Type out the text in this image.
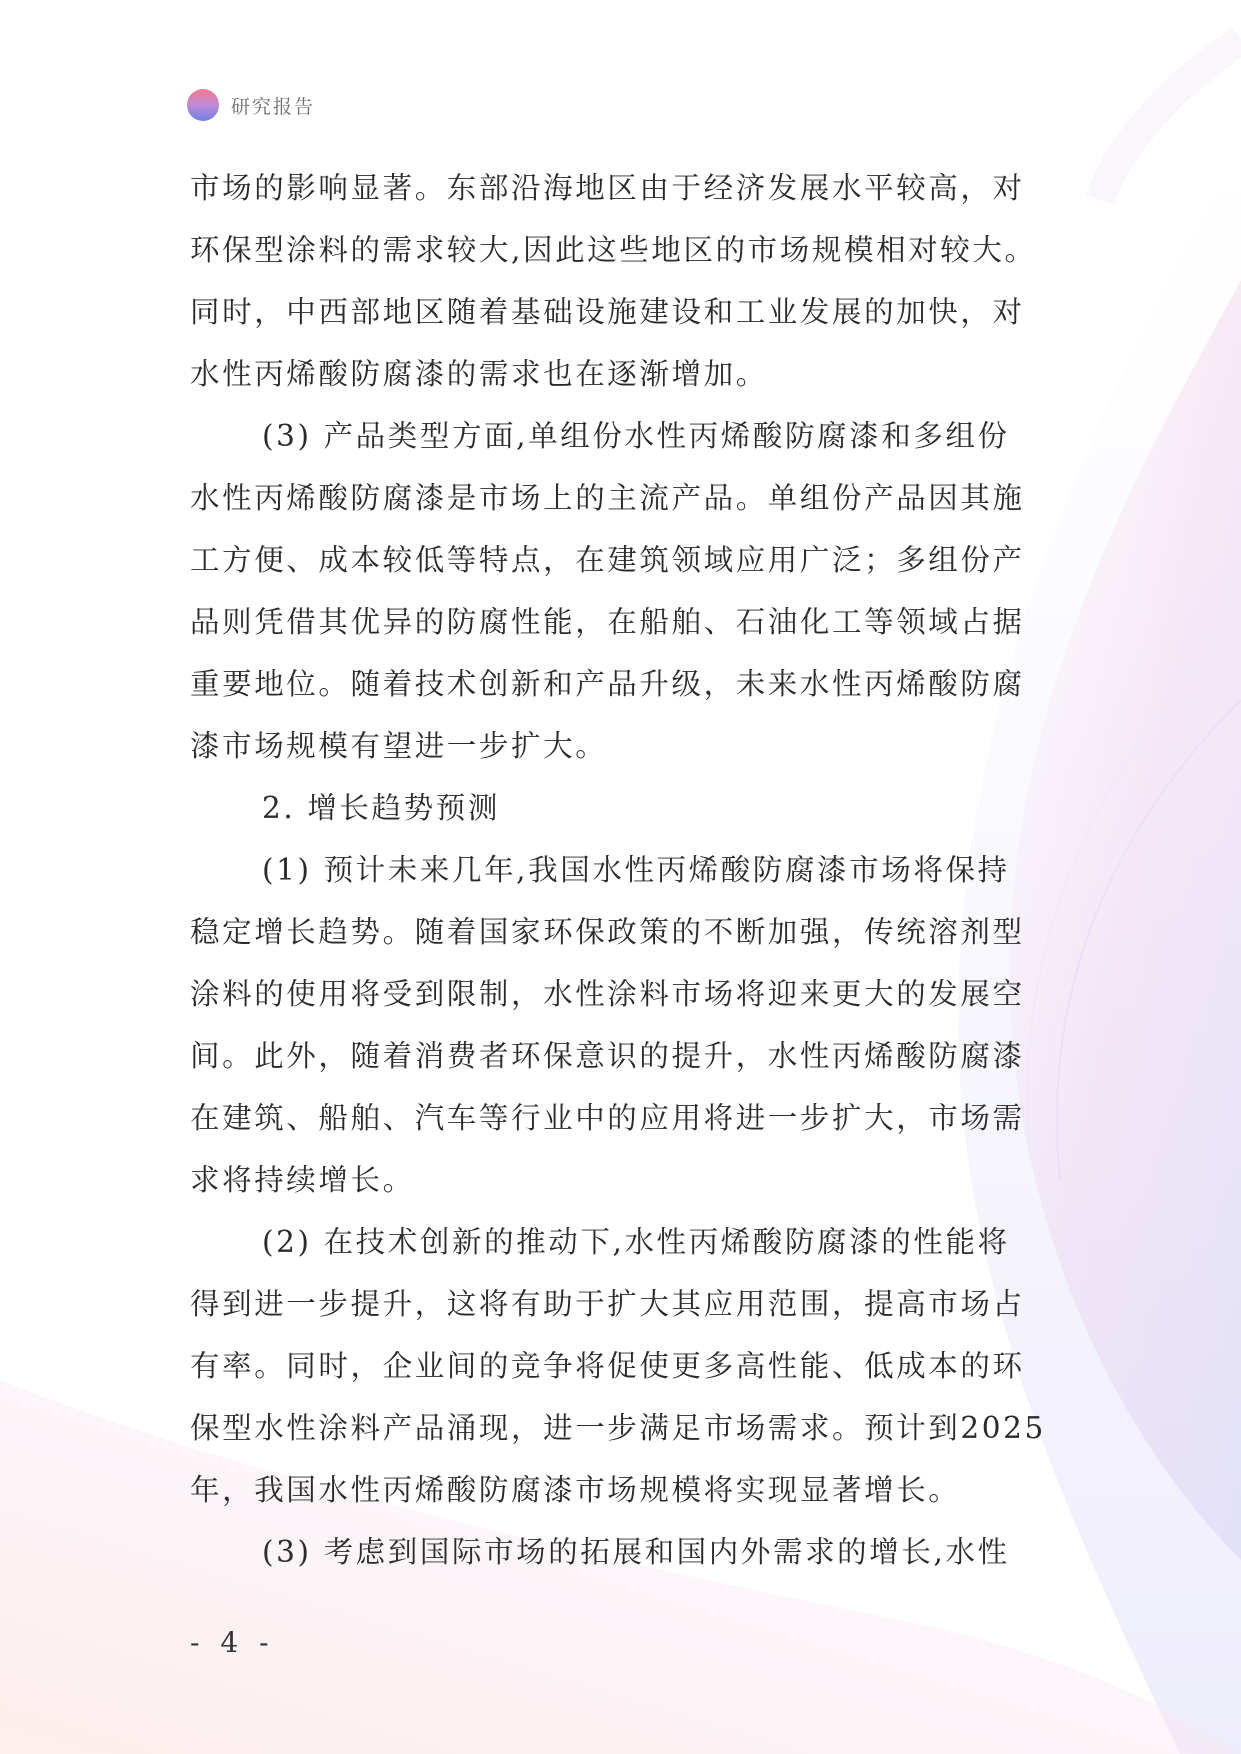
研究报告
市场的影响显著。东部沿海地区由于经济发展水平较高，对
环保型涂料的需求较大,因此这些地区的市场规模相对较大。
同时，中西部地区随着基础设施建设和工业发展的加快，对
水性丙烯酸防腐漆的需求也在逐渐增加。
(3) 产品类型方面,单组份水性丙烯酸防腐漆和多组份
水性丙烯酸防腐漆是市场上的主流产品。单组份产品因其施
工方便、成本较低等特点，在建筑领域应用广泛；多组份产
品则凭借其优异的防腐性能，在船舶、石油化工等领域占据
重要地位。随着技术创新和产品升级，未来水性丙烯酸防腐
漆市场规模有望进一步扩大。
2. 增长趋势预测
(1) 预计未来几年,我国水性丙烯酸防腐漆市场将保持
稳定增长趋势。随着国家环保政策的不断加强，传统溶剂型
涂料的使用将受到限制，水性涂料市场将迎来更大的发展空
间。此外，随着消费者环保意识的提升，水性丙烯酸防腐漆
在建筑、船舶、汽车等行业中的应用将进一步扩大，市场需
求将持续增长。
(2) 在技术创新的推动下,水性丙烯酸防腐漆的性能将
得到进一步提升，这将有助于扩大其应用范围，提高市场占
有率。同时，企业间的竞争将促使更多高性能、低成本的环
保型水性涂料产品涌现，进一步满足市场需求。预计到2025
年，我国水性丙烯酸防腐漆市场规模将实现显著增长。
(3) 考虑到国际市场的拓展和国内外需求的增长,水性
- 4 -
